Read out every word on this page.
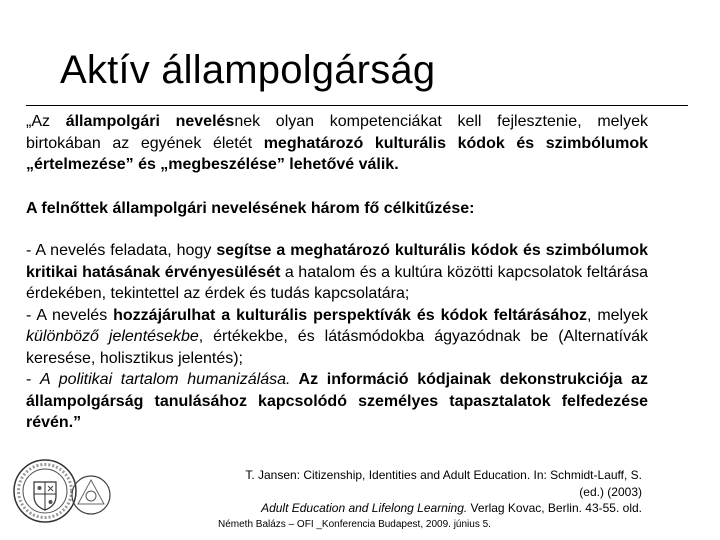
Aktív állampolgárság
„Az állampolgári nevelésnek olyan kompetenciákat kell fejlesztenie, melyek birtokában az egyének életét meghatározó kulturális kódok és szimbólumok „értelmezése” és „megbeszélése” lehetővé válik.
A felnőttek állampolgári nevelésének három fő célkitűzése:
- A nevelés feladata, hogy segítse a meghatározó kulturális kódok és szimbólumok kritikai hatásának érvényesülését a hatalom és a kultúra közötti kapcsolatok feltárása érdekében, tekintettel az érdek és tudás kapcsolatára;
- A nevelés hozzájárulhat a kulturális perspektívák és kódok feltárásához, melyek különböző jelentésekbe, értékekbe, és látásmódokba ágyazódnak be (Alternatívák keresése, holisztikus jelentés);
- A politikai tartalom humanizálása. Az információ kódjainak dekonstrukciója az állampolgárság tanulásához kapcsolódó személyes tapasztalatok felfedezése révén.”
T. Jansen: Citizenship, Identities and Adult Education. In: Schmidt-Lauff, S.
(ed.) (2003)
Adult Education and Lifelong Learning. Verlag Kovac, Berlin. 43-55. old.
Németh Balázs – OFI _Konferencia Budapest, 2009. június 5.
